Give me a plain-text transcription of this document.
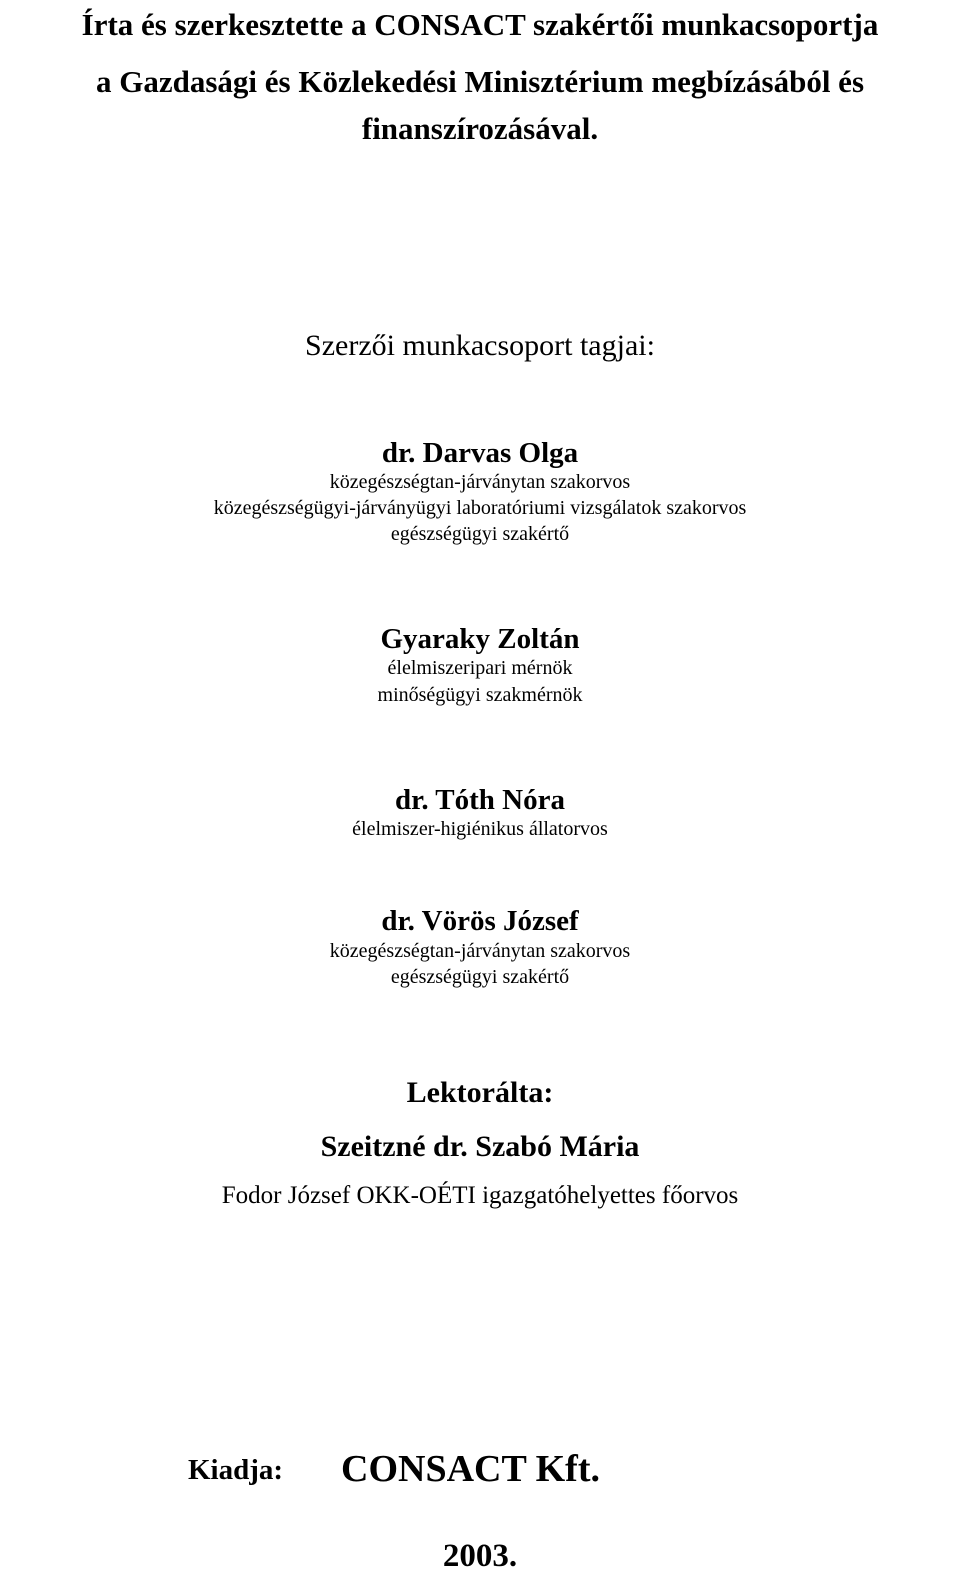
Írta és szerkesztette a CONSACT szakértői munkacsoportja
a Gazdasági és Közlekedési Minisztérium megbízásából és
finanszírozásával.
Szerzői munkacsoport tagjai:
dr. Darvas Olga
közegészségtan-járványtan szakorvos
közegészségügyi-járványügyi laboratóriumi vizsgálatok szakorvos
egészségügyi szakértő
Gyaraky Zoltán
élelmiszeripari mérnök
minőségügyi szakmérnök
dr. Tóth Nóra
élelmiszer-higiénikus állatorvos
dr. Vörös József
közegészségtan-járványtan szakorvos
egészségügyi szakértő
Lektorálta:
Szeitzné dr. Szabó Mária
Fodor József OKK-OÉTI igazgatóhelyettes főorvos
Kiadja: CONSACT Kft.
2003.
